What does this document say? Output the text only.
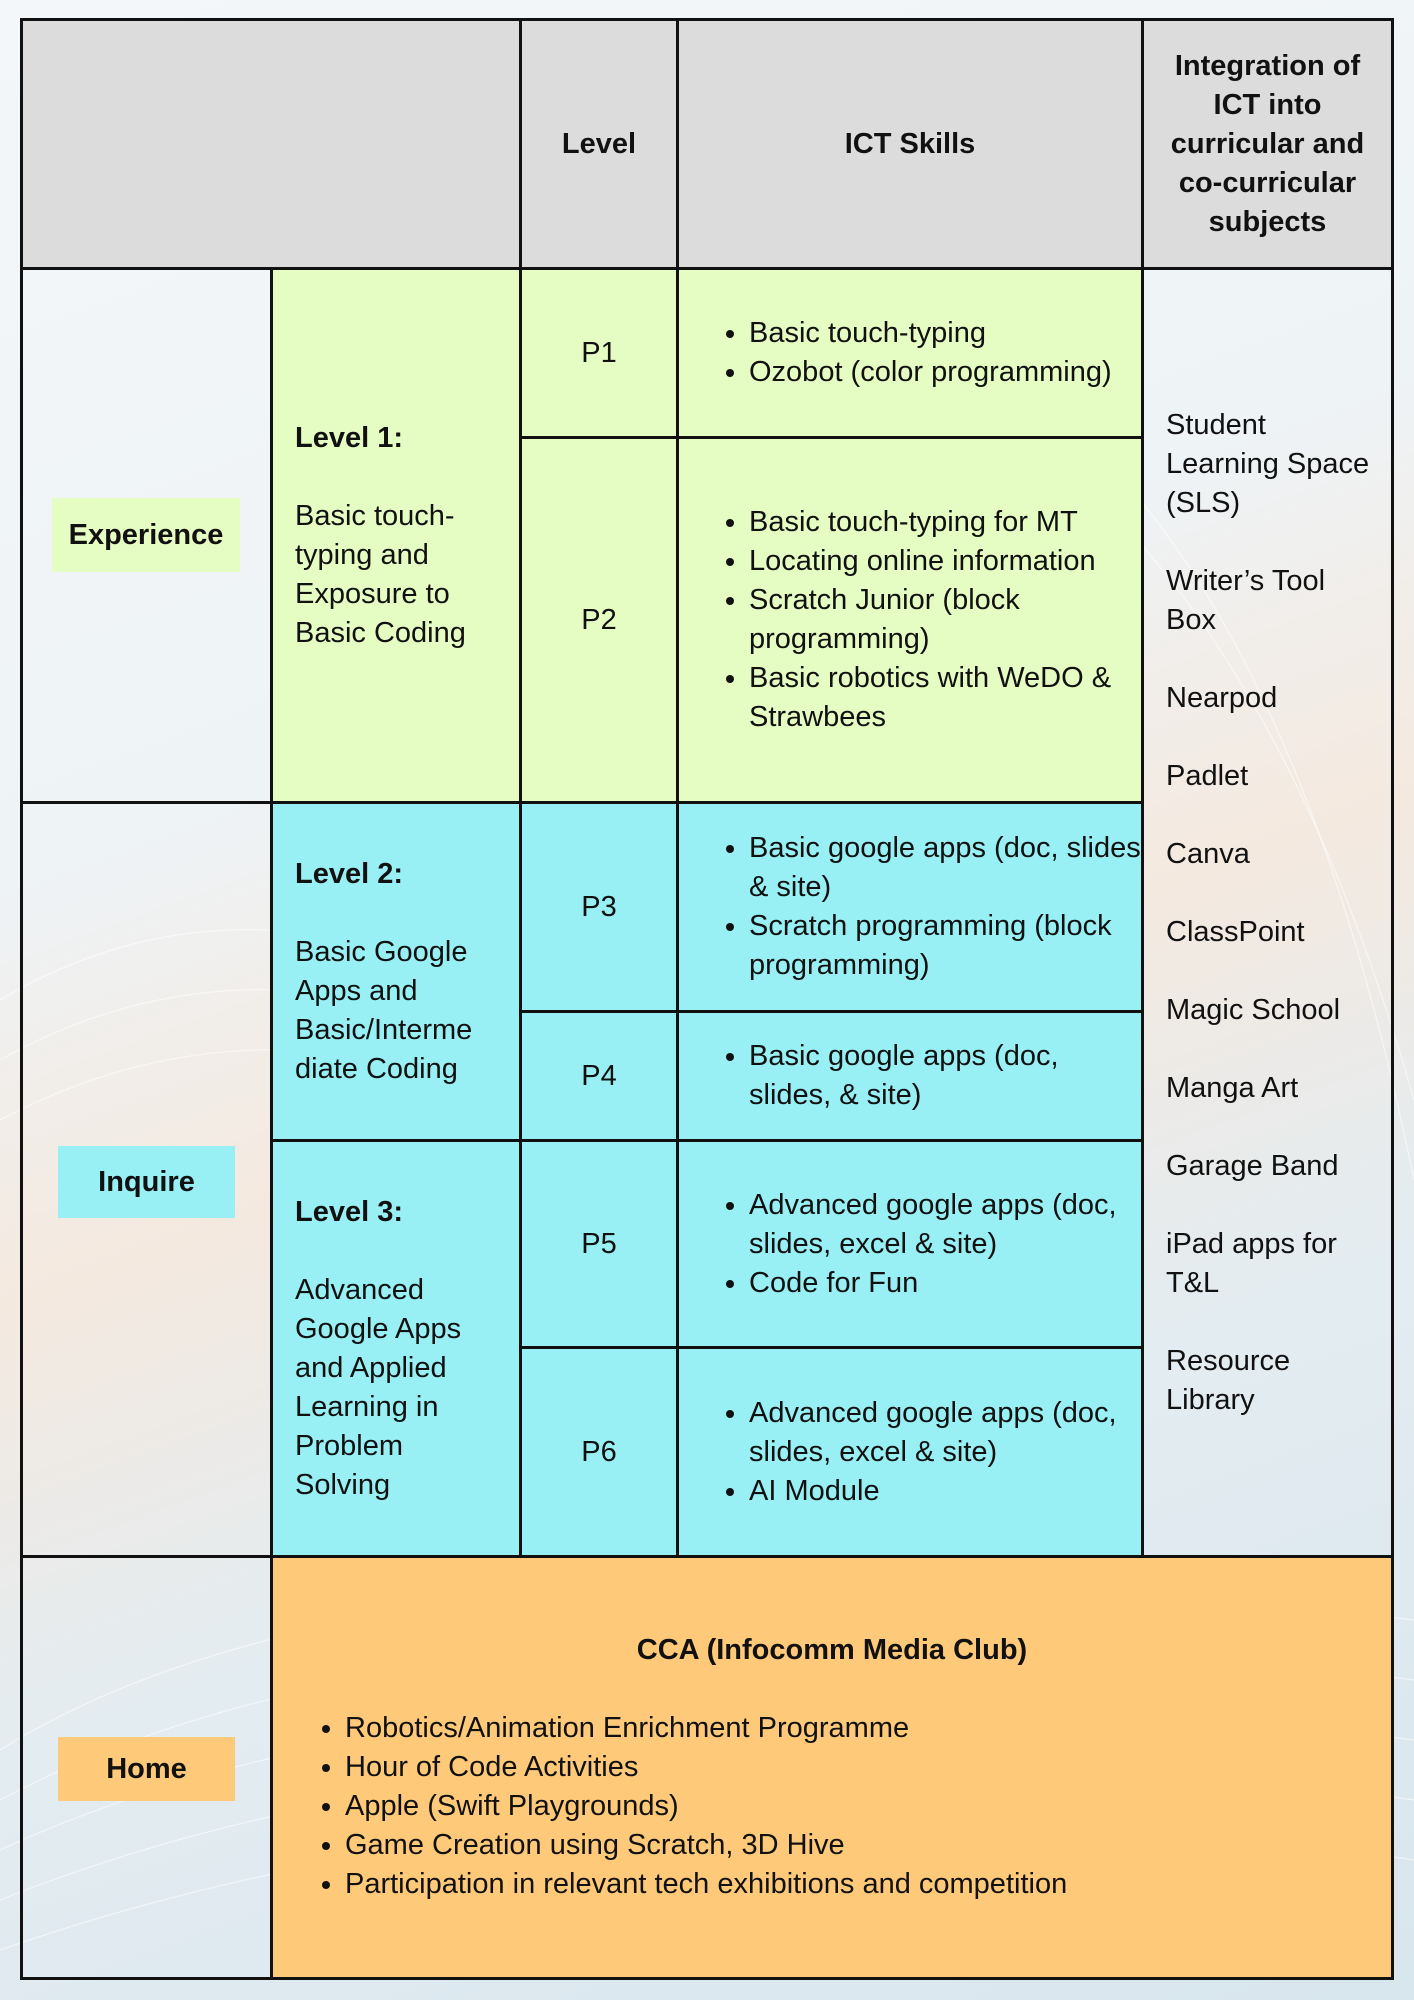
Level	ICT Skills
Integration of ICT into curricular and co-curricular subjects
Experience
Inquire
Home
Level 1:
Basic touch-typing and Exposure to Basic Coding
Level 2:
Basic Google Apps and Basic/Interme diate Coding
Level 3:
Advanced Google Apps and Applied Learning in Problem Solving
P1
P2
P3
P4
P5
P6
• Basic touch-typing
• Ozobot (color programming)
• Basic touch-typing for MT
• Locating online information
• Scratch Junior (block programming)
• Basic robotics with WeDO & Strawbees
• Basic google apps (doc, slides & site)
• Scratch programming (block programming)
• Basic google apps (doc, slides, & site)
• Advanced google apps (doc, slides, excel & site)
• Code for Fun
• Advanced google apps (doc, slides, excel & site)
• AI Module
Student Learning Space (SLS)
Writer’s Tool Box
Nearpod
Padlet
Canva
ClassPoint
Magic School
Manga Art
Garage Band
iPad apps for T&L
Resource Library
CCA (Infocomm Media Club)
• Robotics/Animation Enrichment Programme
• Hour of Code Activities
• Apple (Swift Playgrounds)
• Game Creation using Scratch, 3D Hive
• Participation in relevant tech exhibitions and competition
